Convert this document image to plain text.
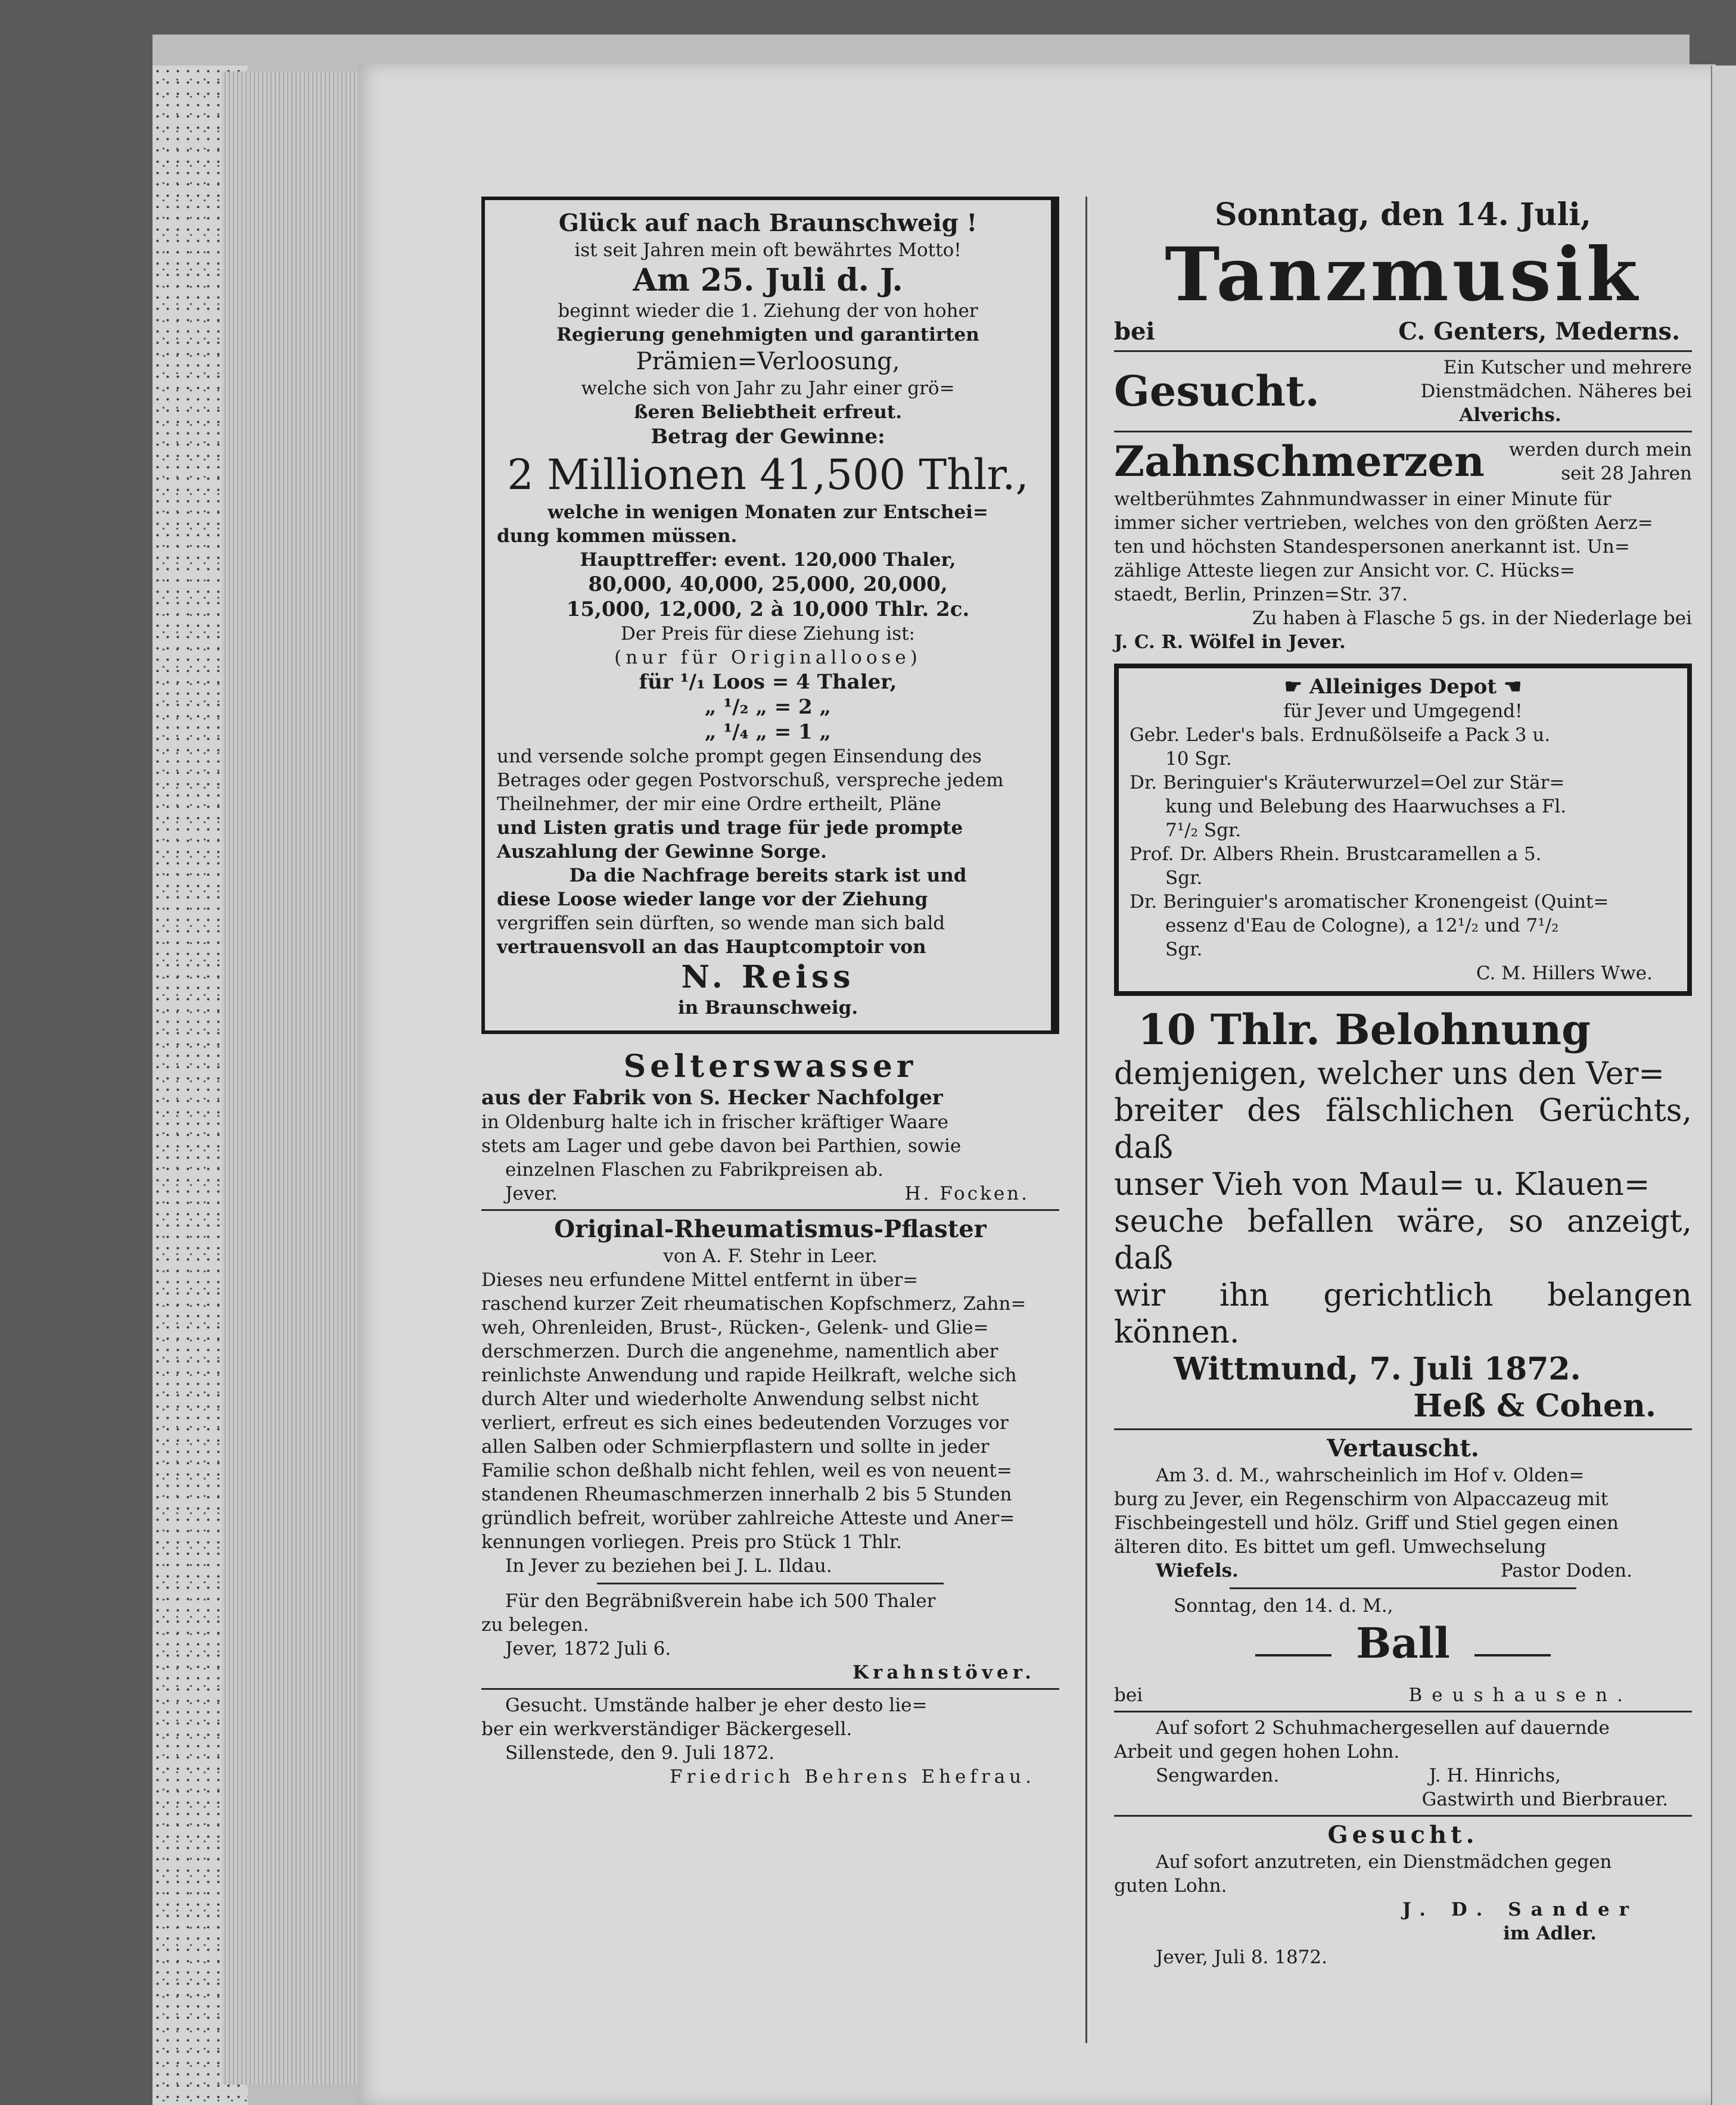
Glück auf nach Braunschweig !

ist seit Jahren mein oft bewährtes Motto!

Am 25. Juli d. J.

beginnt wieder die 1. Ziehung der von hoher

Regierung genehmigten und garantirten

Prämien=Verloosung,

welche sich von Jahr zu Jahr einer grö=

ßeren Beliebtheit erfreut.

Betrag der Gewinne:

2 Millionen 41,500 Thlr.,

welche in wenigen Monaten zur Entschei=

dung kommen müssen.

Haupttreffer: event. 120,000 Thaler,

80,000, 40,000, 25,000, 20,000,

15,000, 12,000, 2 à 10,000 Thlr. 2c.

Der Preis für diese Ziehung ist:

(nur für Originalloose)

für ¹/₁ Loos = 4 Thaler,

„ ¹/₂ „ = 2 „

„ ¹/₄ „ = 1 „

und versende solche prompt gegen Einsendung des

Betrages oder gegen Postvorschuß, verspreche jedem

Theilnehmer, der mir eine Ordre ertheilt, Pläne

und Listen gratis und trage für jede prompte

Auszahlung der Gewinne Sorge.

Da die Nachfrage bereits stark ist und

diese Loose wieder lange vor der Ziehung

vergriffen sein dürften, so wende man sich bald

vertrauensvoll an das Hauptcomptoir von

N. Reiss

in Braunschweig.

Selterswasser

aus der Fabrik von S. Hecker Nachfolger

in Oldenburg halte ich in frischer kräftiger Waare

stets am Lager und gebe davon bei Parthien, sowie

einzelnen Flaschen zu Fabrikpreisen ab.

Jever.	H. Focken.

Original-Rheumatismus-Pflaster

von A. F. Stehr in Leer.

Dieses neu erfundene Mittel entfernt in über=

raschend kurzer Zeit rheumatischen Kopfschmerz, Zahn=

weh, Ohrenleiden, Brust-, Rücken-, Gelenk- und Glie=

derschmerzen. Durch die angenehme, namentlich aber

reinlichste Anwendung und rapide Heilkraft, welche sich

durch Alter und wiederholte Anwendung selbst nicht

verliert, erfreut es sich eines bedeutenden Vorzuges vor

allen Salben oder Schmierpflastern und sollte in jeder

Familie schon deßhalb nicht fehlen, weil es von neuent=

standenen Rheumaschmerzen innerhalb 2 bis 5 Stunden

gründlich befreit, worüber zahlreiche Atteste und Aner=

kennungen vorliegen. Preis pro Stück 1 Thlr.

In Jever zu beziehen bei J. L. Ildau.

Für den Begräbnißverein habe ich 500 Thaler

zu belegen.

Jever, 1872 Juli 6.

Krahnstöver.

Gesucht. Umstände halber je eher desto lie=

ber ein werkverständiger Bäckergesell.

Sillenstede, den 9. Juli 1872.

Friedrich Behrens Ehefrau.

Sonntag, den 14. Juli,

Tanzmusik

bei	C. Genters, Mederns.

Gesucht.	Ein Kutscher und mehrere

Dienstmädchen. Näheres bei

Alverichs.

Zahnschmerzen	werden durch mein

seit 28 Jahren

weltberühmtes Zahnmundwasser in einer Minute für

immer sicher vertrieben, welches von den größten Aerz=

ten und höchsten Standespersonen anerkannt ist. Un=

zählige Atteste liegen zur Ansicht vor. C. Hücks=

staedt, Berlin, Prinzen=Str. 37.

Zu haben à Flasche 5 gs. in der Niederlage bei

J. C. R. Wölfel in Jever.

☛ Alleiniges Depot ☚

für Jever und Umgegend!

Gebr. Leder's bals. Erdnußölseife a Pack 3 u.

10 Sgr.

Dr. Beringuier's Kräuterwurzel=Oel zur Stär=

kung und Belebung des Haarwuchses a Fl.

7¹/₂ Sgr.

Prof. Dr. Albers Rhein. Brustcaramellen a 5.

Sgr.

Dr. Beringuier's aromatischer Kronengeist (Quint=

essenz d'Eau de Cologne), a 12¹/₂ und 7¹/₂

Sgr.

C. M. Hillers Wwe.

10 Thlr. Belohnung

demjenigen, welcher uns den Ver=

breiter des fälschlichen Gerüchts, daß

unser Vieh von Maul= u. Klauen=

seuche befallen wäre, so anzeigt, daß

wir ihn gerichtlich belangen können.

Wittmund, 7. Juli 1872.

Heß & Cohen.

Vertauscht.

Am 3. d. M., wahrscheinlich im Hof v. Olden=

burg zu Jever, ein Regenschirm von Alpaccazeug mit

Fischbeingestell und hölz. Griff und Stiel gegen einen

älteren dito. Es bittet um gefl. Umwechselung

Wiefels.	Pastor Doden.

Sonntag, den 14. d. M.,

Ball
bei	Beushausen.

Auf sofort 2 Schuhmachergesellen auf dauernde

Arbeit und gegen hohen Lohn.

Sengwarden.	J. H. Hinrichs,

Gastwirth und Bierbrauer.

Gesucht.

Auf sofort anzutreten, ein Dienstmädchen gegen

guten Lohn.

J. D. Sander

im Adler.

Jever, Juli 8. 1872.
